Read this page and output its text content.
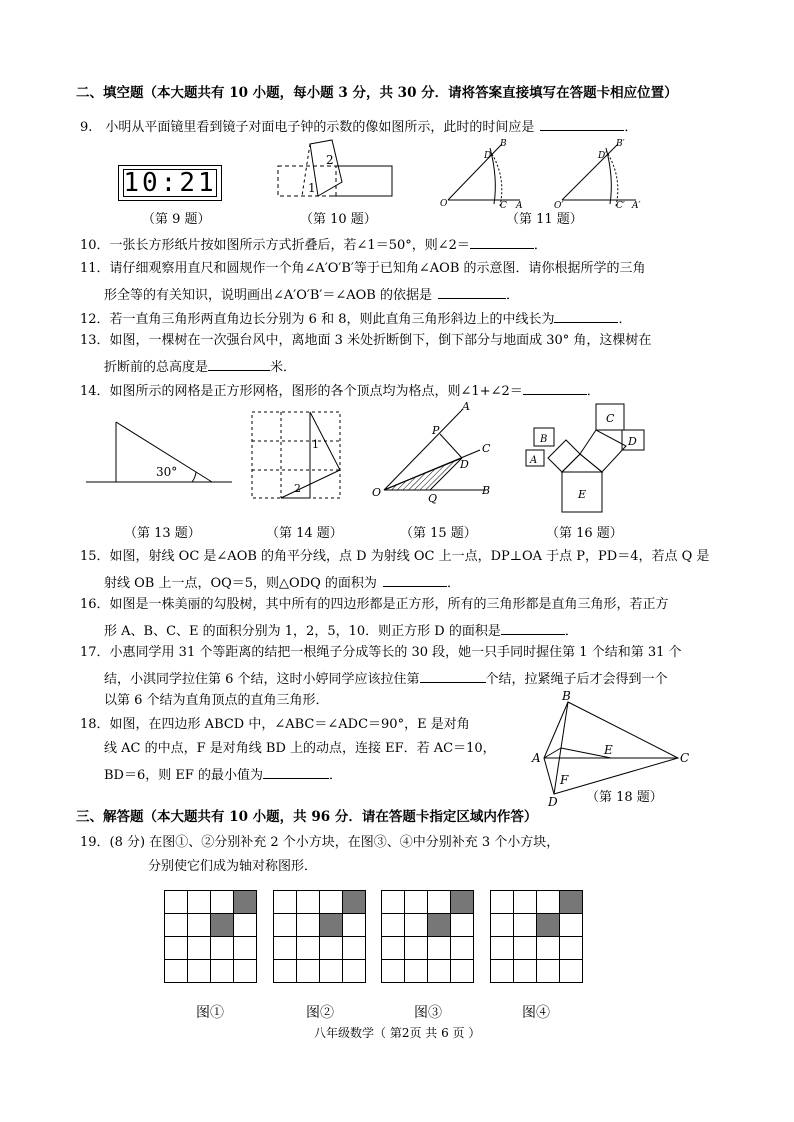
二、填空题（本大题共有 10 小题，每小题 3 分，共 30 分．请将答案直接填写在答题卡相应位置）
9.　小明从平面镜里看到镜子对面电子钟的示数的像如图所示，此时的时间应是	．
10:21
（第 9 题）
2
1
（第 10 题）
B
D
O	C A
B′
D′
O′	C′ A′
（第 11 题）
10．一张长方形纸片按如图所示方式折叠后，若∠1＝50°，则∠2＝	．
11．请仔细观察用直尺和圆规作一个角∠A′O′B′等于已知角∠AOB 的示意图．请你根据所学的三角
形全等的有关知识，说明画出∠A′O′B′＝∠AOB 的依据是	．
12．若一直角三角形两直角边长分别为 6 和 8，则此直角三角形斜边上的中线长为	．
13．如图，一棵树在一次强台风中，离地面 3 米处折断倒下，倒下部分与地面成 30° 角，这棵树在
折断前的总高度是	米．
14．如图所示的网格是正方形网格，图形的各个顶点均为格点，则∠1+∠2＝	．
30°
（第 13 题）
1
2
（第 14 题）
A
P
C
D
O	Q
B
（第 15 题）
C
B	D
A
E
（第 16 题）
15．如图，射线 OC 是∠AOB 的角平分线，点 D 为射线 OC 上一点，DP⊥OA 于点 P，PD＝4，若点 Q 是
射线 OB 上一点，OQ＝5，则△ODQ 的面积为	．
16．如图是一株美丽的勾股树，其中所有的四边形都是正方形，所有的三角形都是直角三角形，若正方
形 A、B、C、E 的面积分别为 1，2，5，10．则正方形 D 的面积是	．
17．小惠同学用 31 个等距离的结把一根绳子分成等长的 30 段，她一只手同时握住第 1 个结和第 31 个
结，小淇同学拉住第 6 个结，这时小婷同学应该拉住第	个结，拉紧绳子后才会得到一个
以第 6 个结为直角顶点的直角三角形．
18．如图，在四边形 ABCD 中，∠ABC＝∠ADC＝90°，E 是对角
线 AC 的中点，F 是对角线 BD 上的动点，连接 EF．若 AC＝10，
BD＝6，则 EF 的最小值为	．
B
A
E
C
F
D （第 18 题）
三、解答题（本大题共有 10 小题，共 96 分．请在答题卡指定区域内作答）
19．(8 分) 在图①、②分别补充 2 个小方块，在图③、④中分别补充 3 个小方块，
分别使它们成为轴对称图形．

图①	图②	图③	图④
八年级数学（ 第2页 共 6 页 ）
